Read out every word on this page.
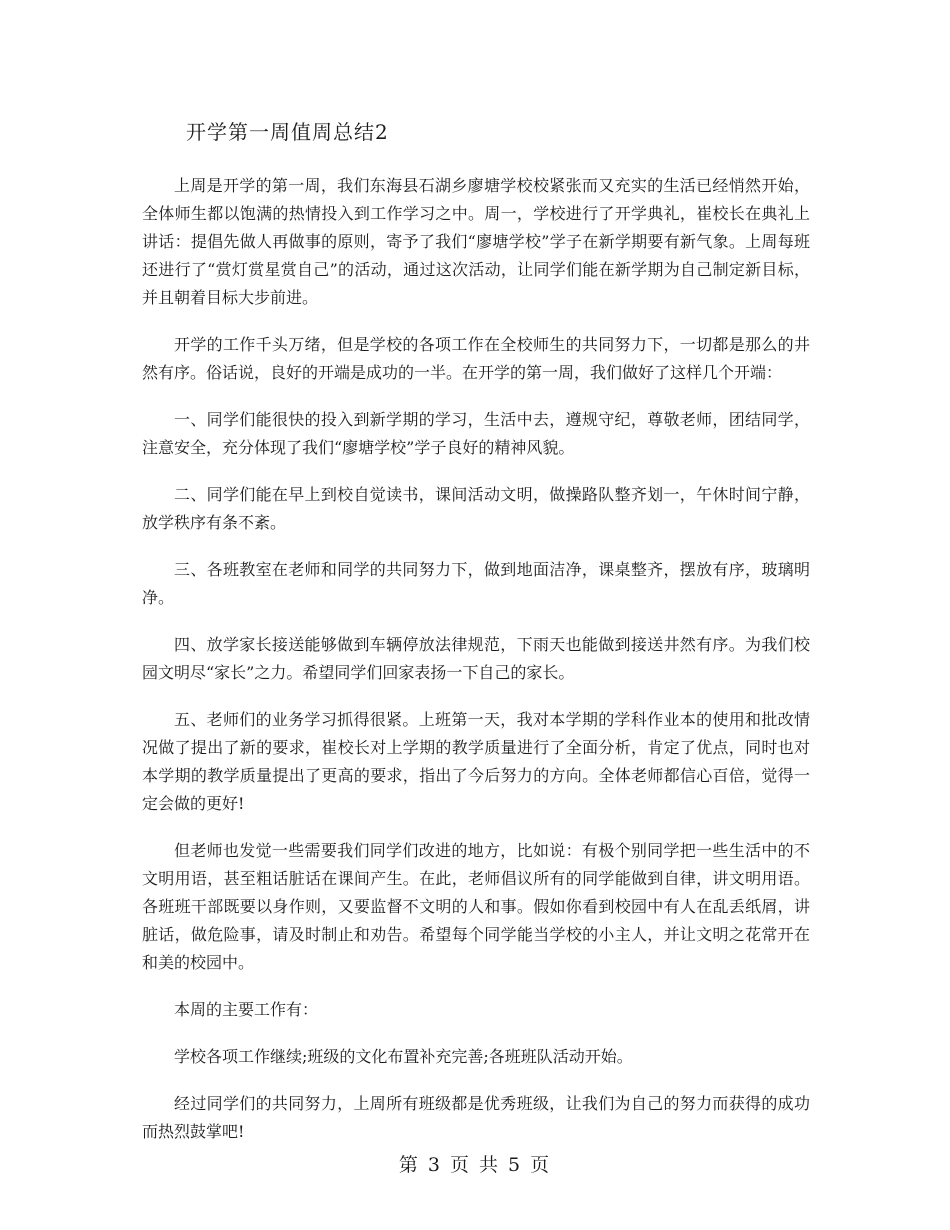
开学第一周值周总结2

上周是开学的第一周，我们东海县石湖乡廖塘学校校紧张而又充实的生活已经悄然开始，全体师生都以饱满的热情投入到工作学习之中。周一，学校进行了开学典礼，崔校长在典礼上讲话：提倡先做人再做事的原则，寄予了我们“廖塘学校”学子在新学期要有新气象。上周每班还进行了“赏灯赏星赏自己”的活动，通过这次活动，让同学们能在新学期为自己制定新目标，并且朝着目标大步前进。

开学的工作千头万绪，但是学校的各项工作在全校师生的共同努力下，一切都是那么的井然有序。俗话说，良好的开端是成功的一半。在开学的第一周，我们做好了这样几个开端：

一、同学们能很快的投入到新学期的学习，生活中去，遵规守纪，尊敬老师，团结同学，注意安全，充分体现了我们“廖塘学校”学子良好的精神风貌。

二、同学们能在早上到校自觉读书，课间活动文明，做操路队整齐划一，午休时间宁静，放学秩序有条不紊。

三、各班教室在老师和同学的共同努力下，做到地面洁净，课桌整齐，摆放有序，玻璃明净。

四、放学家长接送能够做到车辆停放法律规范，下雨天也能做到接送井然有序。为我们校园文明尽“家长”之力。希望同学们回家表扬一下自己的家长。

五、老师们的业务学习抓得很紧。上班第一天，我对本学期的学科作业本的使用和批改情况做了提出了新的要求，崔校长对上学期的教学质量进行了全面分析，肯定了优点，同时也对本学期的教学质量提出了更高的要求，指出了今后努力的方向。全体老师都信心百倍，觉得一定会做的更好!

但老师也发觉一些需要我们同学们改进的地方，比如说：有极个别同学把一些生活中的不文明用语，甚至粗话脏话在课间产生。在此，老师倡议所有的同学能做到自律，讲文明用语。各班班干部既要以身作则，又要监督不文明的人和事。假如你看到校园中有人在乱丢纸屑，讲脏话，做危险事，请及时制止和劝告。希望每个同学能当学校的小主人，并让文明之花常开在和美的校园中。

本周的主要工作有：

学校各项工作继续;班级的文化布置补充完善;各班班队活动开始。

经过同学们的共同努力，上周所有班级都是优秀班级，让我们为自己的努力而获得的成功而热烈鼓掌吧!

第 3 页 共 5 页
